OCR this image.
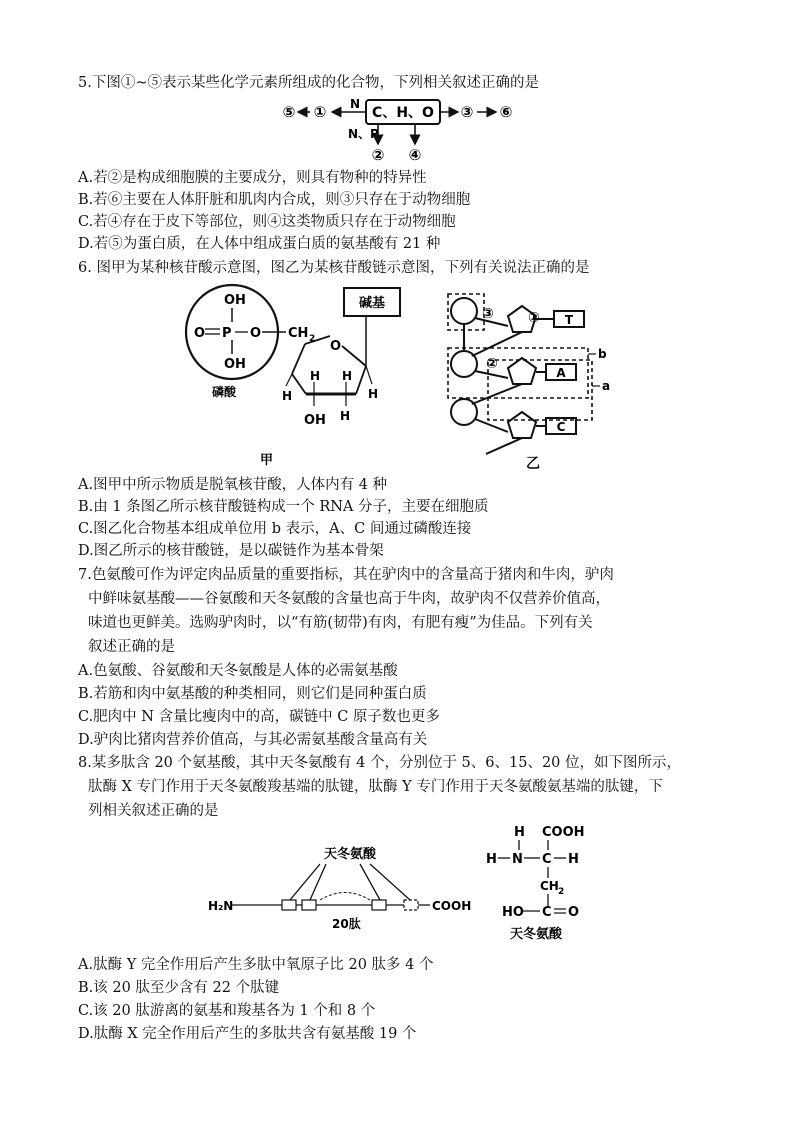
5.下图①~⑤表示某些化学元素所组成的化合物，下列相关叙述正确的是
C、H、O
N
①
⑤	③ ⑥
N、P
② ④
A.若②是构成细胞膜的主要成分，则具有物种的特异性
B.若⑥主要在人体肝脏和肌肉内合成，则③只存在于动物细胞
C.若④存在于皮下等部位，则④这类物质只存在于动物细胞
D.若⑤为蛋白质，在人体中组成蛋白质的氨基酸有 21 种
6. 图甲为某种核苷酸示意图，图乙为某核苷酸链示意图，下列有关说法正确的是
OH
O P O
OH
磷酸
CH 2 O
碱基
H	H
H H
OH H
甲
T
A
C
③ ①
②
b
a
乙
A.图甲中所示物质是脱氧核苷酸，人体内有 4 种
B.由 1 条图乙所示核苷酸链构成一个 RNA 分子，主要在细胞质
C.图乙化合物基本组成单位用 b 表示，A、C 间通过磷酸连接
D.图乙所示的核苷酸链，是以碳链作为基本骨架
7.色氨酸可作为评定肉品质量的重要指标，其在驴肉中的含量高于猪肉和牛肉，驴肉
中鲜味氨基酸——谷氨酸和天冬氨酸的含量也高于牛肉，故驴肉不仅营养价值高，
味道也更鲜美。选购驴肉时，以“有筋(韧带)有肉，有肥有瘦”为佳品。下列有关
叙述正确的是
A.色氨酸、谷氨酸和天冬氨酸是人体的必需氨基酸
B.若筋和肉中氨基酸的种类相同，则它们是同种蛋白质
C.肥肉中 N 含量比瘦肉中的高，碳链中 C 原子数也更多
D.驴肉比猪肉营养价值高，与其必需氨基酸含量高有关
8.某多肽含 20 个氨基酸，其中天冬氨酸有 4 个，分别位于 5、6、15、20 位，如下图所示，
肽酶 X 专门作用于天冬氨酸羧基端的肽键，肽酶 Y 专门作用于天冬氨酸氨基端的肽键，下
列相关叙述正确的是
天冬氨酸
H₂N	COOH
20肽
H COOH
H N C H
CH 2
HO C O
天冬氨酸
A.肽酶 Y 完全作用后产生多肽中氧原子比 20 肽多 4 个
B.该 20 肽至少含有 22 个肽键
C.该 20 肽游离的氨基和羧基各为 1 个和 8 个
D.肽酶 X 完全作用后产生的多肽共含有氨基酸 19 个
